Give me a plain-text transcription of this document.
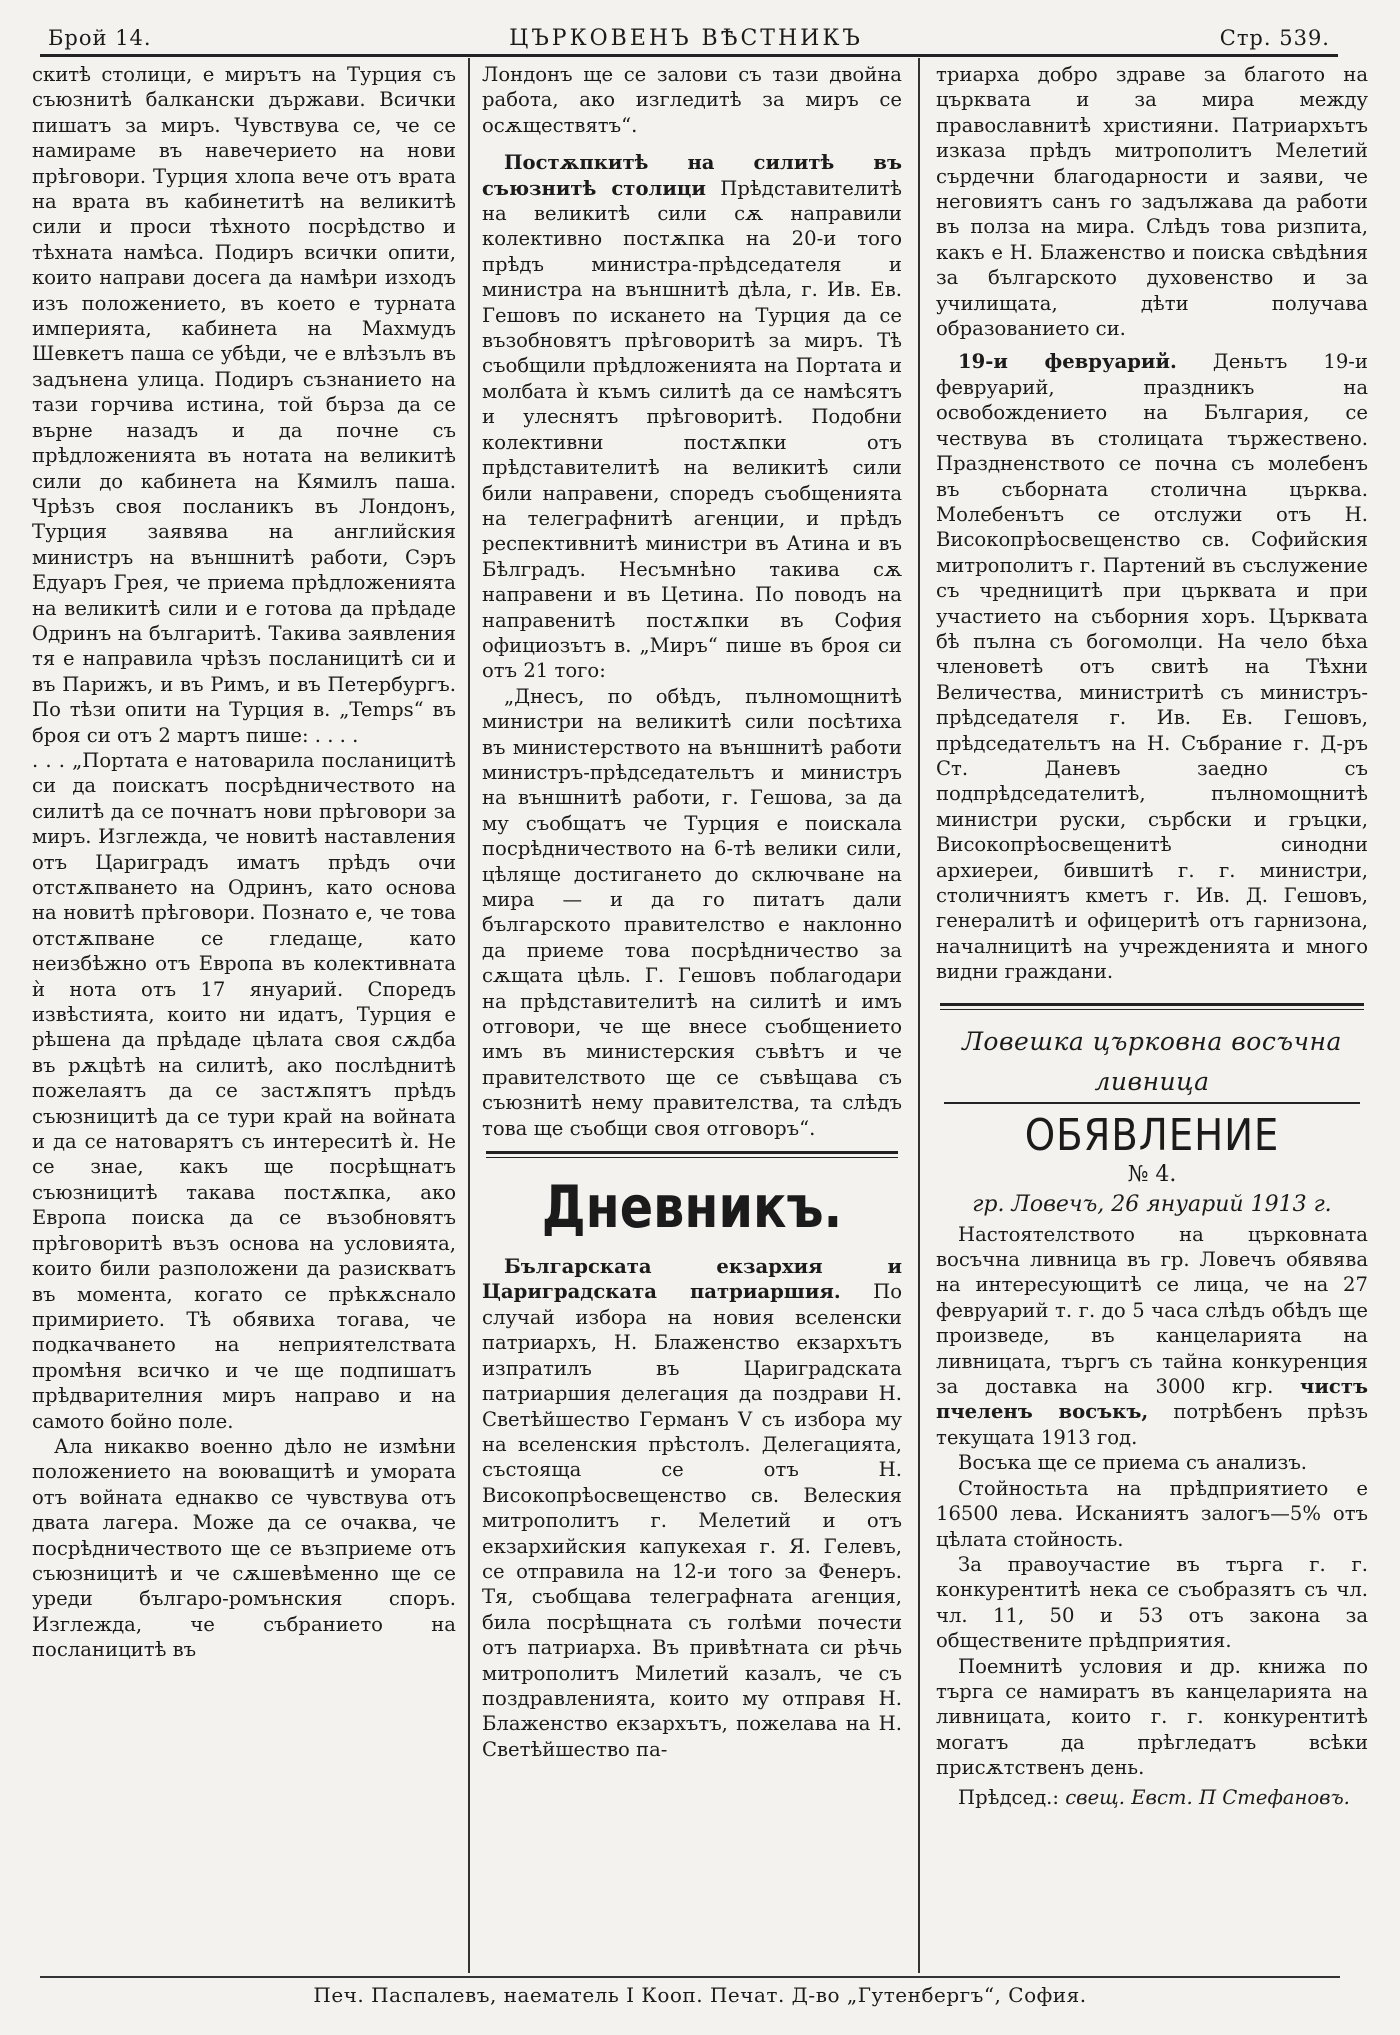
Брой 14.	ЦЪРКОВЕНЪ ВѢСТНИКЪ	Стр. 539.

скитѣ столици, е мирътъ на Турция съ съюзнитѣ балкански държави. Всички пишатъ за миръ. Чувствува се, че се намираме въ навечерието на нови прѣговори. Турция хлопа вече отъ врата на врата въ кабинетитѣ на великитѣ сили и проси тѣхното посрѣдство и тѣхната намѣса. Подиръ всички опити, които направи досега да намѣри изходъ изъ положението, въ което е турната империята, кабинета на Махмудъ Шевкетъ паша се убѣди, че е влѣзълъ въ задънена улица. Подиръ съзнанието на тази горчива истина, той бърза да се върне назадъ и да почне съ прѣдложенията въ нотата на великитѣ сили до кабинета на Кямилъ паша. Чрѣзъ своя посланикъ въ Лондонъ, Турция заявява на английския министръ на външнитѣ работи, Сэръ Едуаръ Грея, че приема прѣдложенията на великитѣ сили и е готова да прѣдаде Одринъ на българитѣ. Такива заявления тя е направила чрѣзъ посланицитѣ си и въ Парижъ, и въ Римъ, и въ Петербургъ. По тѣзи опити на Турция в. „Temps“ въ броя си отъ 2 мартъ пише: . . . .

. . . „Портата е натоварила посланицитѣ си да поискатъ посрѣдничеството на силитѣ да се почнатъ нови прѣговори за миръ. Изглежда, че новитѣ наставления отъ Цариградъ иматъ прѣдъ очи отстѫпването на Одринъ, като основа на новитѣ прѣговори. Познато е, че това отстѫпване се гледаще, като неизбѣжно отъ Европа въ колективната ѝ нота отъ 17 януарий. Споредъ извѣстията, които ни идатъ, Турция е рѣшена да прѣдаде цѣлата своя сѫдба въ рѫцѣтѣ на силитѣ, ако послѣднитѣ пожелаятъ да се застѫпятъ прѣдъ съюзницитѣ да се тури край на войната и да се натоварятъ съ интереситѣ ѝ. Не се знае, какъ ще посрѣщнатъ съюзницитѣ такава постѫпка, ако Европа поиска да се възобновятъ прѣговоритѣ възъ основа на условията, които били разположени да разискватъ въ момента, когато се прѣкѫснало примирието. Тѣ обявиха тогава, че подкачването на неприятелствата промѣня всичко и че ще подпишатъ прѣдварителния миръ направо и на самото бойно поле.

Ала никакво военно дѣло не измѣни положението на воюващитѣ и умората отъ войната еднакво се чувствува отъ двата лагера. Може да се очаква, че посрѣдничеството ще се възприеме отъ съюзницитѣ и че сѫшевѣменно ще се уреди българо-ромънския споръ. Изглежда, че събранието на посланицитѣ въ

Лондонъ ще се залови съ тази двойна работа, ако изгледитѣ за миръ се осѫществятъ“.

Постѫпкитѣ на силитѣ въ съюзнитѣ столици Прѣдставителитѣ на великитѣ сили сѫ направили колективно постѫпка на 20-и того прѣдъ министра-прѣдседателя и министра на външнитѣ дѣла, г. Ив. Ев. Гешовъ по искането на Турция да се възобновятъ прѣговоритѣ за миръ. Тѣ съобщили прѣдложенията на Портата и молбата ѝ къмъ силитѣ да се намѣсятъ и улеснятъ прѣговоритѣ. Подобни колективни постѫпки отъ прѣдставителитѣ на великитѣ сили били направени, споредъ съобщенията на телеграфнитѣ агенции, и прѣдъ респективнитѣ министри въ Атина и въ Бѣлградъ. Несъмнѣно такива сѫ направени и въ Цетина. По поводъ на направенитѣ постѫпки въ София официозътъ в. „Миръ“ пише въ броя си отъ 21 того:

„Днесъ, по обѣдъ, пълномощнитѣ министри на великитѣ сили посѣтиха въ министерството на външнитѣ работи министръ-прѣдседательтъ и министръ на външнитѣ работи, г. Гешова, за да му съобщатъ че Турция е поискала посрѣдничеството на 6-тѣ велики сили, цѣляще достигането до сключване на мира — и да го питатъ дали българското правителство е наклонно да приеме това посрѣдничество за сѫщата цѣль. Г. Гешовъ поблагодари на прѣдставителитѣ на силитѣ и имъ отговори, че ще внесе съобщението имъ въ министерския съвѣтъ и че правителството ще се съвѣщава съ съюзнитѣ нему правителства, та слѣдъ това ще съобщи своя отговоръ“.

Дневникъ.

Българската екзархия и Цариградската патриаршия. По случай избора на новия вселенски патриархъ, Н. Блаженство екзархътъ изпратилъ въ Цариградската патриаршия делегация да поздрави Н. Светѣйшество Германъ V съ избора му на вселенския прѣстолъ. Делегацията, състояща се отъ Н. Високопрѣосвещенство св. Велеския митрополитъ г. Мелетий и отъ екзархийския капукехая г. Я. Гелевъ, се отправила на 12-и того за Фенеръ. Тя, съобщава телеграфната агенция, била посрѣщната съ голѣми почести отъ патриарха. Въ привѣтната си рѣчь митрополитъ Милетий казалъ, че съ поздравленията, които му отправя Н. Блаженство екзархътъ, пожелава на Н. Светѣйшество па-

триарха добро здраве за благото на църквата и за мира между православнитѣ християни. Патриархътъ изказа прѣдъ митрополитъ Мелетий сърдечни благодарности и заяви, че неговиятъ санъ го задължава да работи въ полза на мира. Слѣдъ това ризпита, какъ е Н. Блаженство и поиска свѣдѣния за българското духовенство и за училищата, дѣти получава образованието си.

19-и февруарий. Деньтъ 19-и февруарий, праздникъ на освобождението на България, се чествува въ столицата тържествено. Праздненството се почна съ молебенъ въ съборната столична църква. Молебенътъ се отслужи отъ Н. Високопрѣосвещенство св. Софийския митрополитъ г. Партений въ съслужение съ чредницитѣ при църквата и при участието на съборния хоръ. Църквата бѣ пълна съ богомолци. На чело бѣха членоветѣ отъ свитѣ на Тѣхни Величества, министритѣ съ министръ-прѣдседателя г. Ив. Ев. Гешовъ, прѣдседательтъ на Н. Събрание г. Д-ръ Ст. Даневъ заедно съ подпрѣдседателитѣ, пълномощнитѣ министри руски, сърбски и гръцки, Високопрѣосвещенитѣ синодни архиереи, бившитѣ г. г. министри, столичниятъ кметъ г. Ив. Д. Гешовъ, генералитѣ и офицеритѣ отъ гарнизона, началницитѣ на учрежденията и много видни граждани.

Ловешка църковна восъчна ливница
ОБЯВЛЕНИЕ
№ 4.
гр. Ловечъ, 26 януарий 1913 г.

Настоятелството на църковната восъчна ливница въ гр. Ловечъ обявява на интересующитѣ се лица, че на 27 февруарий т. г. до 5 часа слѣдъ обѣдъ ще произведе, въ канцеларията на ливницата, търгъ съ тайна конкуренция за доставка на 3000 кгр. чистъ пчеленъ восъкъ, потрѣбенъ прѣзъ текущата 1913 год.

Восъка ще се приема съ анализъ.

Стойностьта на прѣдприятието е 16500 лева. Исканиятъ залогъ—5% отъ цѣлата стойность.

За правоучастие въ търга г. г. конкурентитѣ нека се съобразятъ съ чл. чл. 11, 50 и 53 отъ закона за обществените прѣдприятия.

Поемнитѣ условия и др. книжа по търга се намиратъ въ канцеларията на ливницата, които г. г. конкурентитѣ могатъ да прѣгледатъ всѣки присѫтственъ день.

Прѣдсед.: свещ. Евст. П Стефановъ.

Печ. Паспалевъ, наематель I Кооп. Печат. Д-во „Гутенбергъ“, София.
